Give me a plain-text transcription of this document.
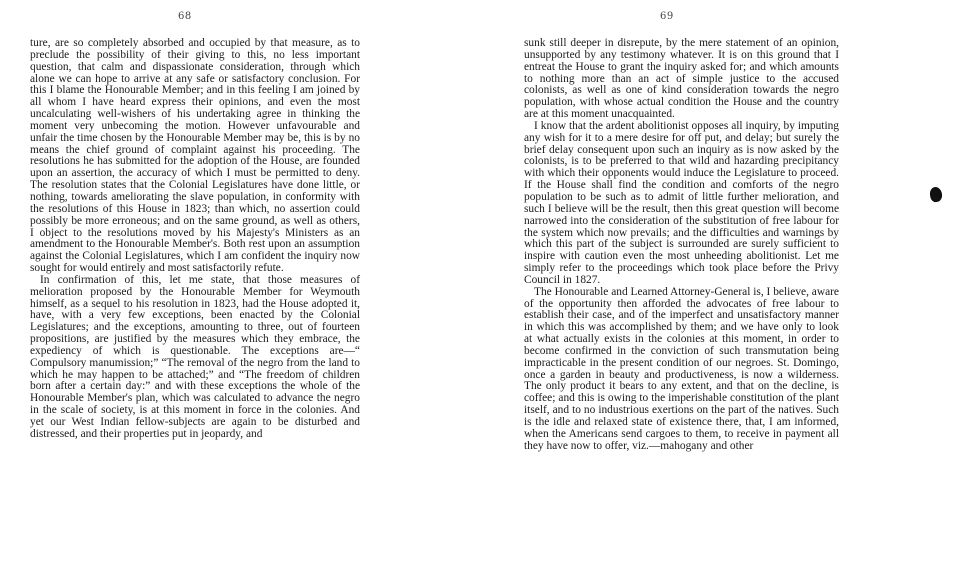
68

ture, are so completely absorbed and occupied by that measure, as to preclude the possibility of their giving to this, no less important question, that calm and dispassionate consideration, through which alone we can hope to arrive at any safe or satisfactory conclusion. For this I blame the Honourable Member; and in this feeling I am joined by all whom I have heard express their opinions, and even the most uncalculating well-wishers of his undertaking agree in thinking the moment very unbecoming the motion. However unfavourable and unfair the time chosen by the Honourable Member may be, this is by no means the chief ground of complaint against his proceeding. The resolutions he has submitted for the adoption of the House, are founded upon an assertion, the accuracy of which I must be permitted to deny. The resolution states that the Colonial Legislatures have done little, or nothing, towards ameliorating the slave population, in conformity with the resolutions of this House in 1823; than which, no assertion could possibly be more erroneous; and on the same ground, as well as others, I object to the resolutions moved by his Majesty's Ministers as an amendment to the Honourable Member's. Both rest upon an assumption against the Colonial Legislatures, which I am confident the inquiry now sought for would entirely and most satisfactorily refute.

In confirmation of this, let me state, that those measures of melioration proposed by the Honourable Member for Weymouth himself, as a sequel to his resolution in 1823, had the House adopted it, have, with a very few exceptions, been enacted by the Colonial Legislatures; and the exceptions, amounting to three, out of fourteen propositions, are justified by the measures which they embrace, the expediency of which is questionable. The exceptions are—“ Compulsory manumission;” “The removal of the negro from the land to which he may happen to be attached;” and “The freedom of children born after a certain day:” and with these exceptions the whole of the Honourable Member's plan, which was calculated to advance the negro in the scale of society, is at this moment in force in the colonies. And yet our West Indian fellow-subjects are again to be disturbed and distressed, and their properties put in jeopardy, and

69

sunk still deeper in disrepute, by the mere statement of an opinion, unsupported by any testimony whatever. It is on this ground that I entreat the House to grant the inquiry asked for; and which amounts to nothing more than an act of simple justice to the accused colonists, as well as one of kind consideration towards the negro population, with whose actual condition the House and the country are at this moment unacquainted.

I know that the ardent abolitionist opposes all inquiry, by imputing any wish for it to a mere desire for off put, and delay; but surely the brief delay consequent upon such an inquiry as is now asked by the colonists, is to be preferred to that wild and hazarding precipitancy with which their opponents would induce the Legislature to proceed. If the House shall find the condition and comforts of the negro population to be such as to admit of little further melioration, and such I believe will be the result, then this great question will become narrowed into the consideration of the substitution of free labour for the system which now prevails; and the difficulties and warnings by which this part of the subject is surrounded are surely sufficient to inspire with caution even the most unheeding abolitionist. Let me simply refer to the proceedings which took place before the Privy Council in 1827.

The Honourable and Learned Attorney-General is, I believe, aware of the opportunity then afforded the advocates of free labour to establish their case, and of the imperfect and unsatisfactory manner in which this was accomplished by them; and we have only to look at what actually exists in the colonies at this moment, in order to become confirmed in the conviction of such transmutation being impracticable in the present condition of our negroes. St. Domingo, once a garden in beauty and productiveness, is now a wilderness. The only product it bears to any extent, and that on the decline, is coffee; and this is owing to the imperishable constitution of the plant itself, and to no industrious exertions on the part of the natives. Such is the idle and relaxed state of existence there, that, I am informed, when the Americans send cargoes to them, to receive in payment all they have now to offer, viz.—mahogany and other
